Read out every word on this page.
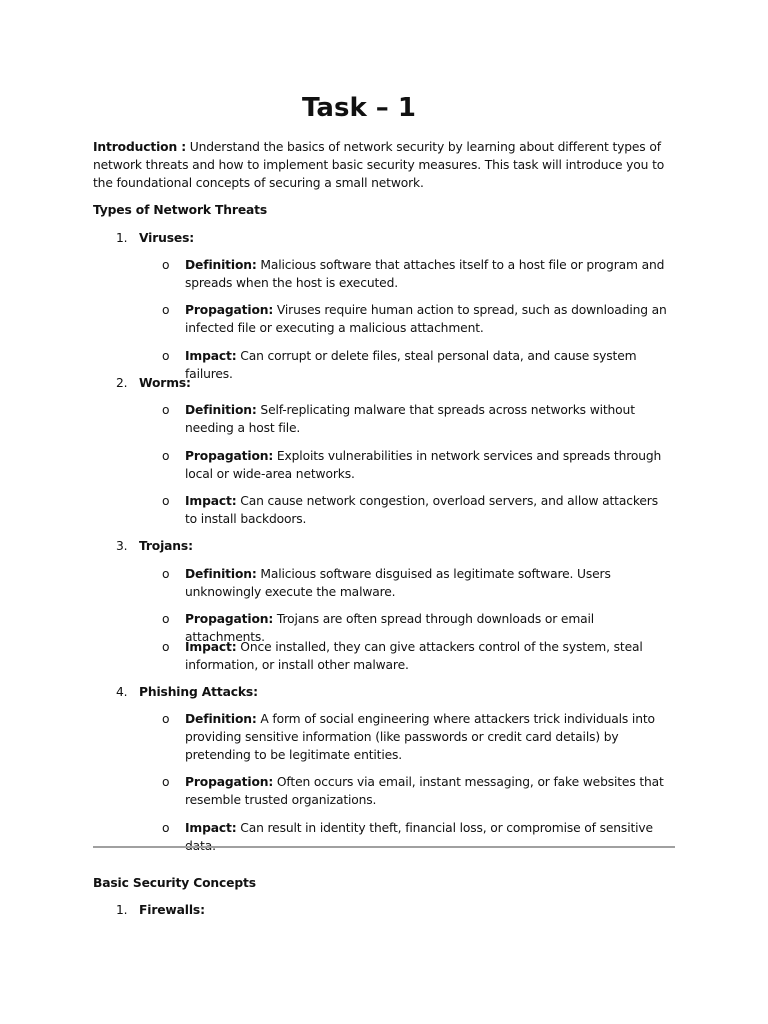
Task – 1

Introduction : Understand the basics of network security by learning about different types of network threats and how to implement basic security measures. This task will introduce you to the foundational concepts of securing a small network.

Types of Network Threats

1. Viruses:
o Definition: Malicious software that attaches itself to a host file or program and spreads when the host is executed.

o Propagation: Viruses require human action to spread, such as downloading an infected file or executing a malicious attachment.

o Impact: Can corrupt or delete files, steal personal data, and cause system failures.

2. Worms:
o Definition: Self-replicating malware that spreads across networks without needing a host file.

o Propagation: Exploits vulnerabilities in network services and spreads through local or wide-area networks.

o Impact: Can cause network congestion, overload servers, and allow attackers to install backdoors.

3. Trojans:
o Definition: Malicious software disguised as legitimate software. Users unknowingly execute the malware.

o Propagation: Trojans are often spread through downloads or email attachments.

o Impact: Once installed, they can give attackers control of the system, steal information, or install other malware.

4. Phishing Attacks:
o Definition: A form of social engineering where attackers trick individuals into providing sensitive information (like passwords or credit card details) by pretending to be legitimate entities.

o Propagation: Often occurs via email, instant messaging, or fake websites that resemble trusted organizations.

o Impact: Can result in identity theft, financial loss, or compromise of sensitive data.

Basic Security Concepts

1. Firewalls:
